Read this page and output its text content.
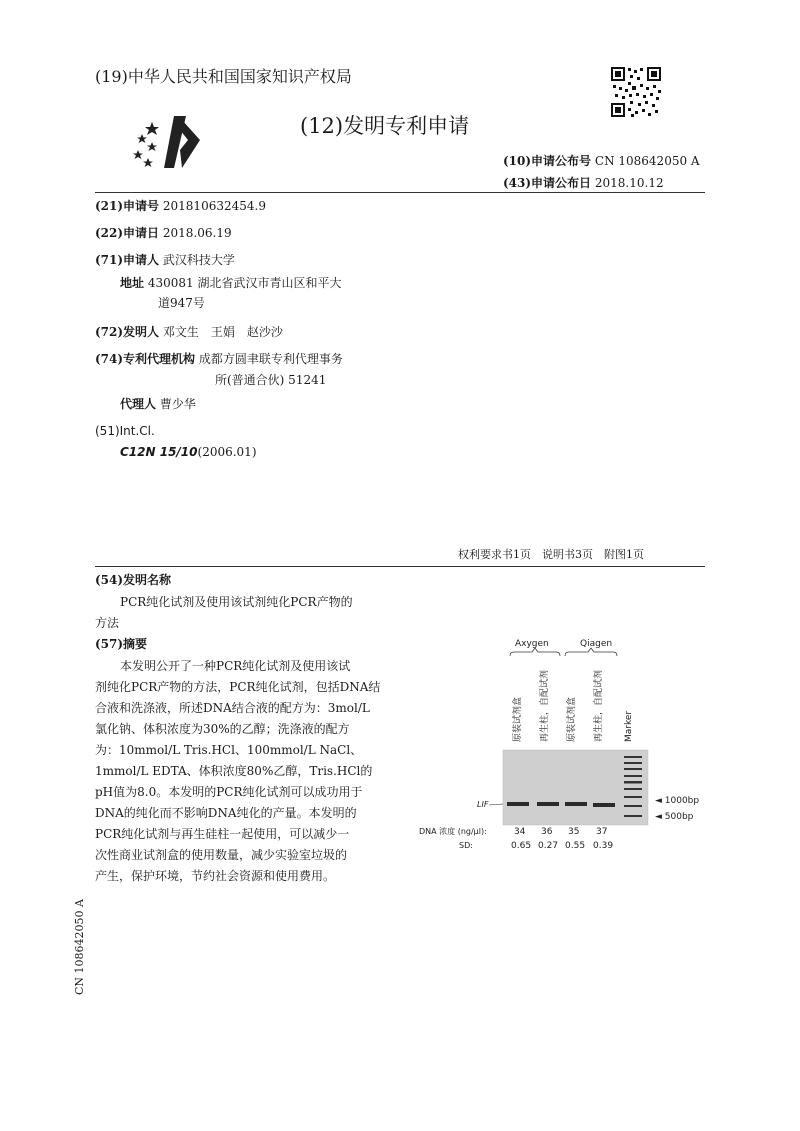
(19)中华人民共和国国家知识产权局
(12)发明专利申请
(10)申请公布号 CN 108642050 A
(43)申请公布日 2018.10.12
(21)申请号 201810632454.9
(22)申请日 2018.06.19
(71)申请人 武汉科技大学
地址 430081 湖北省武汉市青山区和平大
道947号
(72)发明人 邓文生　王娟　赵沙沙
(74)专利代理机构 成都方圆聿联专利代理事务
所(普通合伙) 51241
代理人 曹少华
(51)Int.Cl.
C12N 15/10(2006.01)
权利要求书1页　说明书3页　附图1页
(54)发明名称
PCR纯化试剂及使用该试剂纯化PCR产物的
方法
(57)摘要
本发明公开了一种PCR纯化试剂及使用该试
剂纯化PCR产物的方法，PCR纯化试剂，包括DNA结
合液和洗涤液，所述DNA结合液的配方为：3mol/L
氯化钠、体积浓度为30%的乙醇；洗涤液的配方
为：10mmol/L Tris.HCl、100mmol/L NaCl、
1mmol/L EDTA、体积浓度80%乙醇，Tris.HCl的
pH值为8.0。本发明的PCR纯化试剂可以成功用于
DNA的纯化而不影响DNA纯化的产量。本发明的
PCR纯化试剂与再生硅柱一起使用，可以减少一
次性商业试剂盒的使用数量，减少实验室垃圾的
产生，保护环境，节约社会资源和使用费用。
Axygen	Qiagen
原装试剂盒 再生柱，自配试剂 原装试剂盒 再生柱，自配试剂 Marker
LIF	◄ 1000bp
◄ 500bp
DNA 浓度 (ng/μl):	34 36 35 37
SD:	0.65 0.27 0.55 0.39
CN 108642050 A
